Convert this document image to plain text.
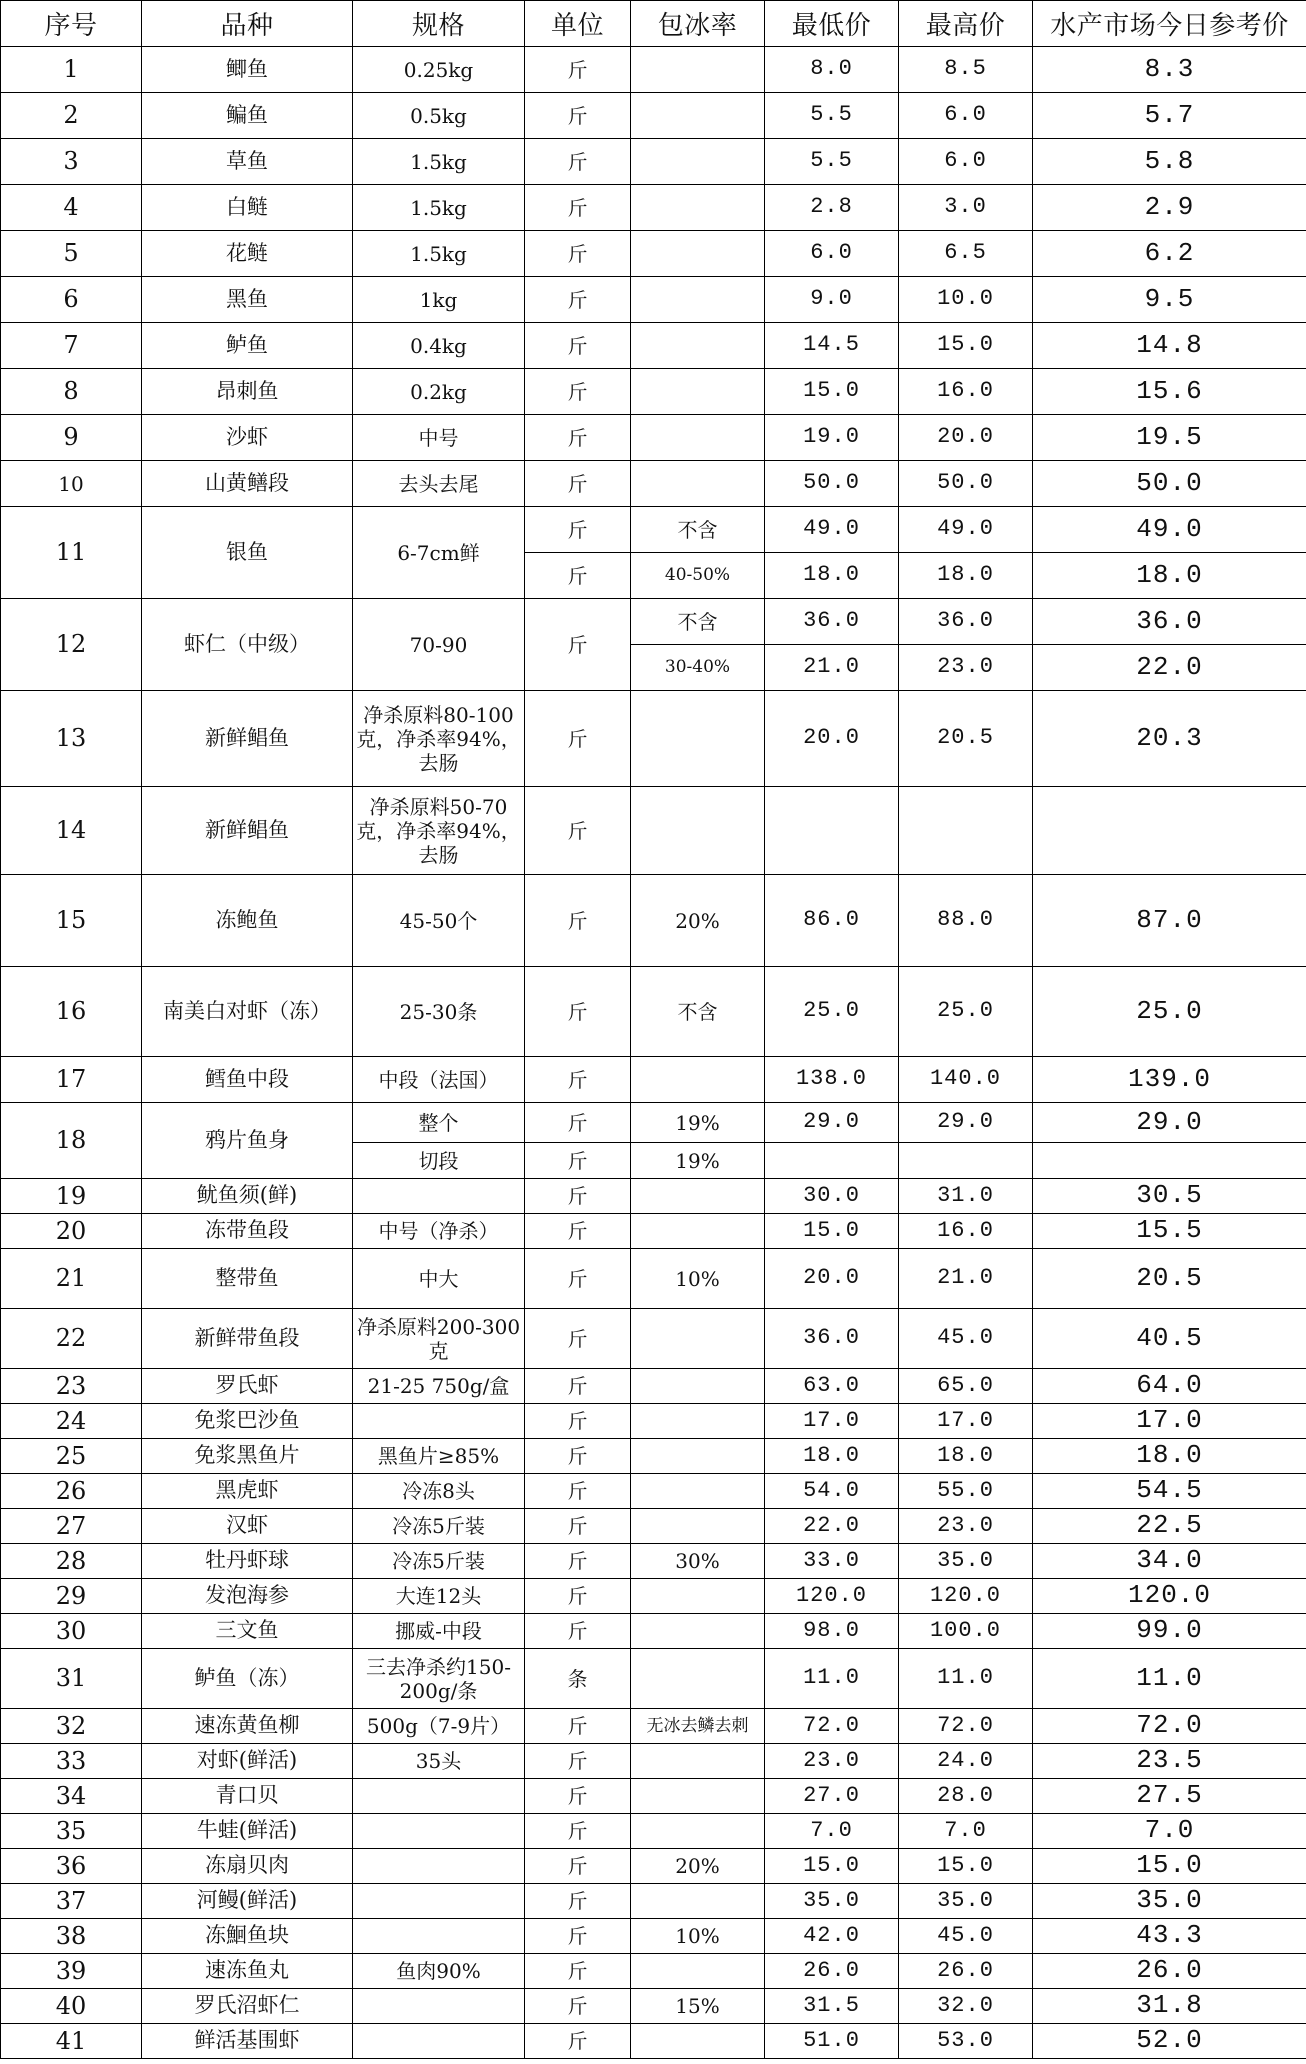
序号	品种	规格	单位	包冰率	最低价	最高价	水产市场今日参考价
1	鲫鱼	0.25kg	斤		8.0	8.5	8.3
2	鳊鱼	0.5kg	斤		5.5	6.0	5.7
3	草鱼	1.5kg	斤		5.5	6.0	5.8
4	白鲢	1.5kg	斤		2.8	3.0	2.9
5	花鲢	1.5kg	斤		6.0	6.5	6.2
6	黑鱼	1kg	斤		9.0	10.0	9.5
7	鲈鱼	0.4kg	斤		14.5	15.0	14.8
8	昂刺鱼	0.2kg	斤		15.0	16.0	15.6
9	沙虾	中号	斤		19.0	20.0	19.5
10	山黄鳝段	去头去尾	斤		50.0	50.0	50.0
11	银鱼	6-7cm鲜	斤	不含	49.0	49.0	49.0
			斤	40-50%	18.0	18.0	18.0
12	虾仁（中级）	70-90	斤	不含	36.0	36.0	36.0
				30-40%	21.0	23.0	22.0
13	新鲜鲳鱼	净杀原料80-100克，净杀率94%，去肠	斤		20.0	20.5	20.3
14	新鲜鲳鱼	净杀原料50-70克，净杀率94%，去肠	斤				
15	冻鲍鱼	45-50个	斤	20%	86.0	88.0	87.0
16	南美白对虾（冻）	25-30条	斤	不含	25.0	25.0	25.0
17	鳕鱼中段	中段（法国）	斤		138.0	140.0	139.0
18	鸦片鱼身	整个	斤	19%	29.0	29.0	29.0
		切段	斤	19%			
19	鱿鱼须(鲜)		斤		30.0	31.0	30.5
20	冻带鱼段	中号（净杀）	斤		15.0	16.0	15.5
21	整带鱼	中大	斤	10%	20.0	21.0	20.5
22	新鲜带鱼段	净杀原料200-300克	斤		36.0	45.0	40.5
23	罗氏虾	21-25 750g/盒	斤		63.0	65.0	64.0
24	免浆巴沙鱼		斤		17.0	17.0	17.0
25	免浆黑鱼片	黑鱼片≥85%	斤		18.0	18.0	18.0
26	黑虎虾	冷冻8头	斤		54.0	55.0	54.5
27	汉虾	冷冻5斤装	斤		22.0	23.0	22.5
28	牡丹虾球	冷冻5斤装	斤	30%	33.0	35.0	34.0
29	发泡海参	大连12头	斤		120.0	120.0	120.0
30	三文鱼	挪威-中段	斤		98.0	100.0	99.0
31	鲈鱼（冻）	三去净杀约150-200g/条	条		11.0	11.0	11.0
32	速冻黄鱼柳	500g（7-9片）	斤	无冰去鳞去刺	72.0	72.0	72.0
33	对虾(鲜活)	35头	斤		23.0	24.0	23.5
34	青口贝		斤		27.0	28.0	27.5
35	牛蛙(鲜活)		斤		7.0	7.0	7.0
36	冻扇贝肉		斤	20%	15.0	15.0	15.0
37	河鳗(鲜活)		斤		35.0	35.0	35.0
38	冻鮰鱼块		斤	10%	42.0	45.0	43.3
39	速冻鱼丸	鱼肉90%	斤		26.0	26.0	26.0
40	罗氏沼虾仁		斤	15%	31.5	32.0	31.8
41	鲜活基围虾		斤		51.0	53.0	52.0
